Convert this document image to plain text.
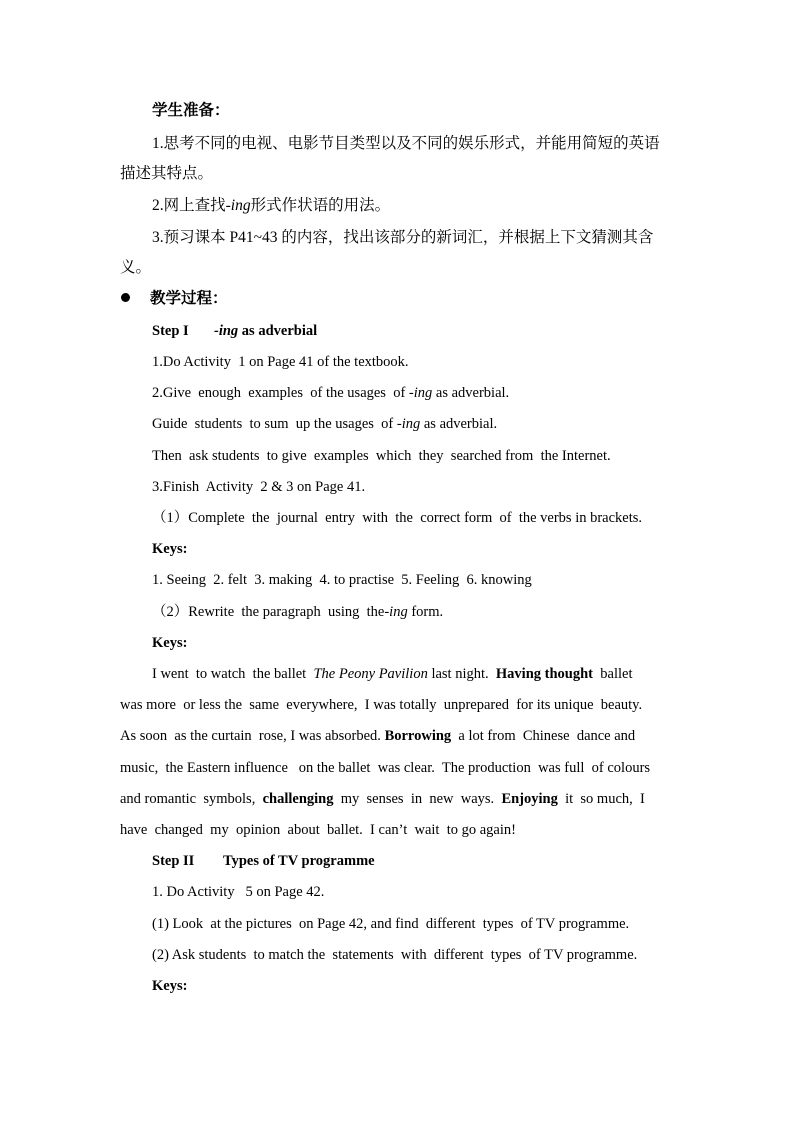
学生准备：
1.思考不同的电视、电影节目类型以及不同的娱乐形式，并能用简短的英语
描述其特点。
2.网上查找-ing形式作状语的用法。
3.预习课本 P41~43 的内容，找出该部分的新词汇，并根据上下文猜测其含
义。
教学过程：
Step I -ing as adverbial
1.Do Activity  1 on Page 41 of the textbook.
2.Give  enough  examples  of the usages  of -ing as adverbial.
Guide  students  to sum  up the usages  of -ing as adverbial.
Then  ask students  to give  examples  which  they  searched from  the Internet.
3.Finish  Activity  2 & 3 on Page 41.
（1）Complete  the  journal  entry  with  the  correct form  of  the verbs in brackets.
Keys:
1. Seeing  2. felt  3. making  4. to practise  5. Feeling  6. knowing
（2）Rewrite  the paragraph  using  the-ing form.
Keys:
I went  to watch  the ballet  The Peony Pavilion last night.  Having thought  ballet
was more  or less the  same  everywhere,  I was totally  unprepared  for its unique  beauty.
As soon  as the curtain  rose, I was absorbed. Borrowing  a lot from  Chinese  dance and
music,  the Eastern influence   on the ballet  was clear.  The production  was full  of colours
and romantic  symbols,  challenging  my  senses  in  new  ways.  Enjoying  it  so much,  I
have  changed  my  opinion  about  ballet.  I can’t  wait  to go again!
Step II Types of TV programme
1. Do Activity   5 on Page 42.
(1) Look  at the pictures  on Page 42, and find  different  types  of TV programme.
(2) Ask students  to match the  statements  with  different  types  of TV programme.
Keys:
